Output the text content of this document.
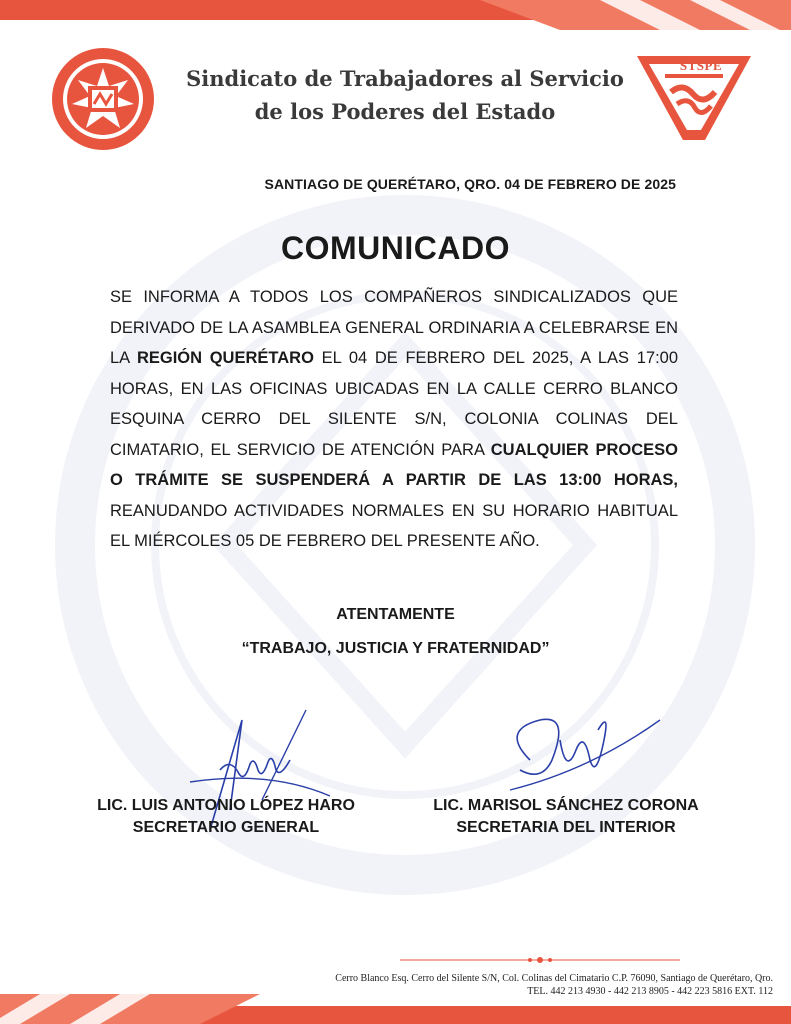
Sindicato de Trabajadores al Servicio
de los Poderes del Estado
STSPE
SANTIAGO DE QUERÉTARO, QRO. 04 DE FEBRERO DE 2025
COMUNICADO
SE INFORMA A TODOS LOS COMPAÑEROS SINDICALIZADOS QUE DERIVADO DE LA ASAMBLEA GENERAL ORDINARIA A CELEBRARSE EN LA REGIÓN QUERÉTARO EL 04 DE FEBRERO DEL 2025, A LAS 17:00 HORAS, EN LAS OFICINAS UBICADAS EN LA CALLE CERRO BLANCO ESQUINA CERRO DEL SILENTE S/N, COLONIA COLINAS DEL CIMATARIO, EL SERVICIO DE ATENCIÓN PARA CUALQUIER PROCESO O TRÁMITE SE SUSPENDERÁ A PARTIR DE LAS 13:00 HORAS, REANUDANDO ACTIVIDADES NORMALES EN SU HORARIO HABITUAL EL MIÉRCOLES 05 DE FEBRERO DEL PRESENTE AÑO.
ATENTAMENTE
“TRABAJO, JUSTICIA Y FRATERNIDAD”
LIC. LUIS ANTONIO LÓPEZ HARO
SECRETARIO GENERAL
LIC. MARISOL SÁNCHEZ CORONA
SECRETARIA DEL INTERIOR
Cerro Blanco Esq. Cerro del Silente S/N, Col. Colinas del Cimatario C.P. 76090, Santiago de Querétaro, Qro.
TEL. 442 213 4930 - 442 213 8905 - 442 223 5816 EXT. 112
